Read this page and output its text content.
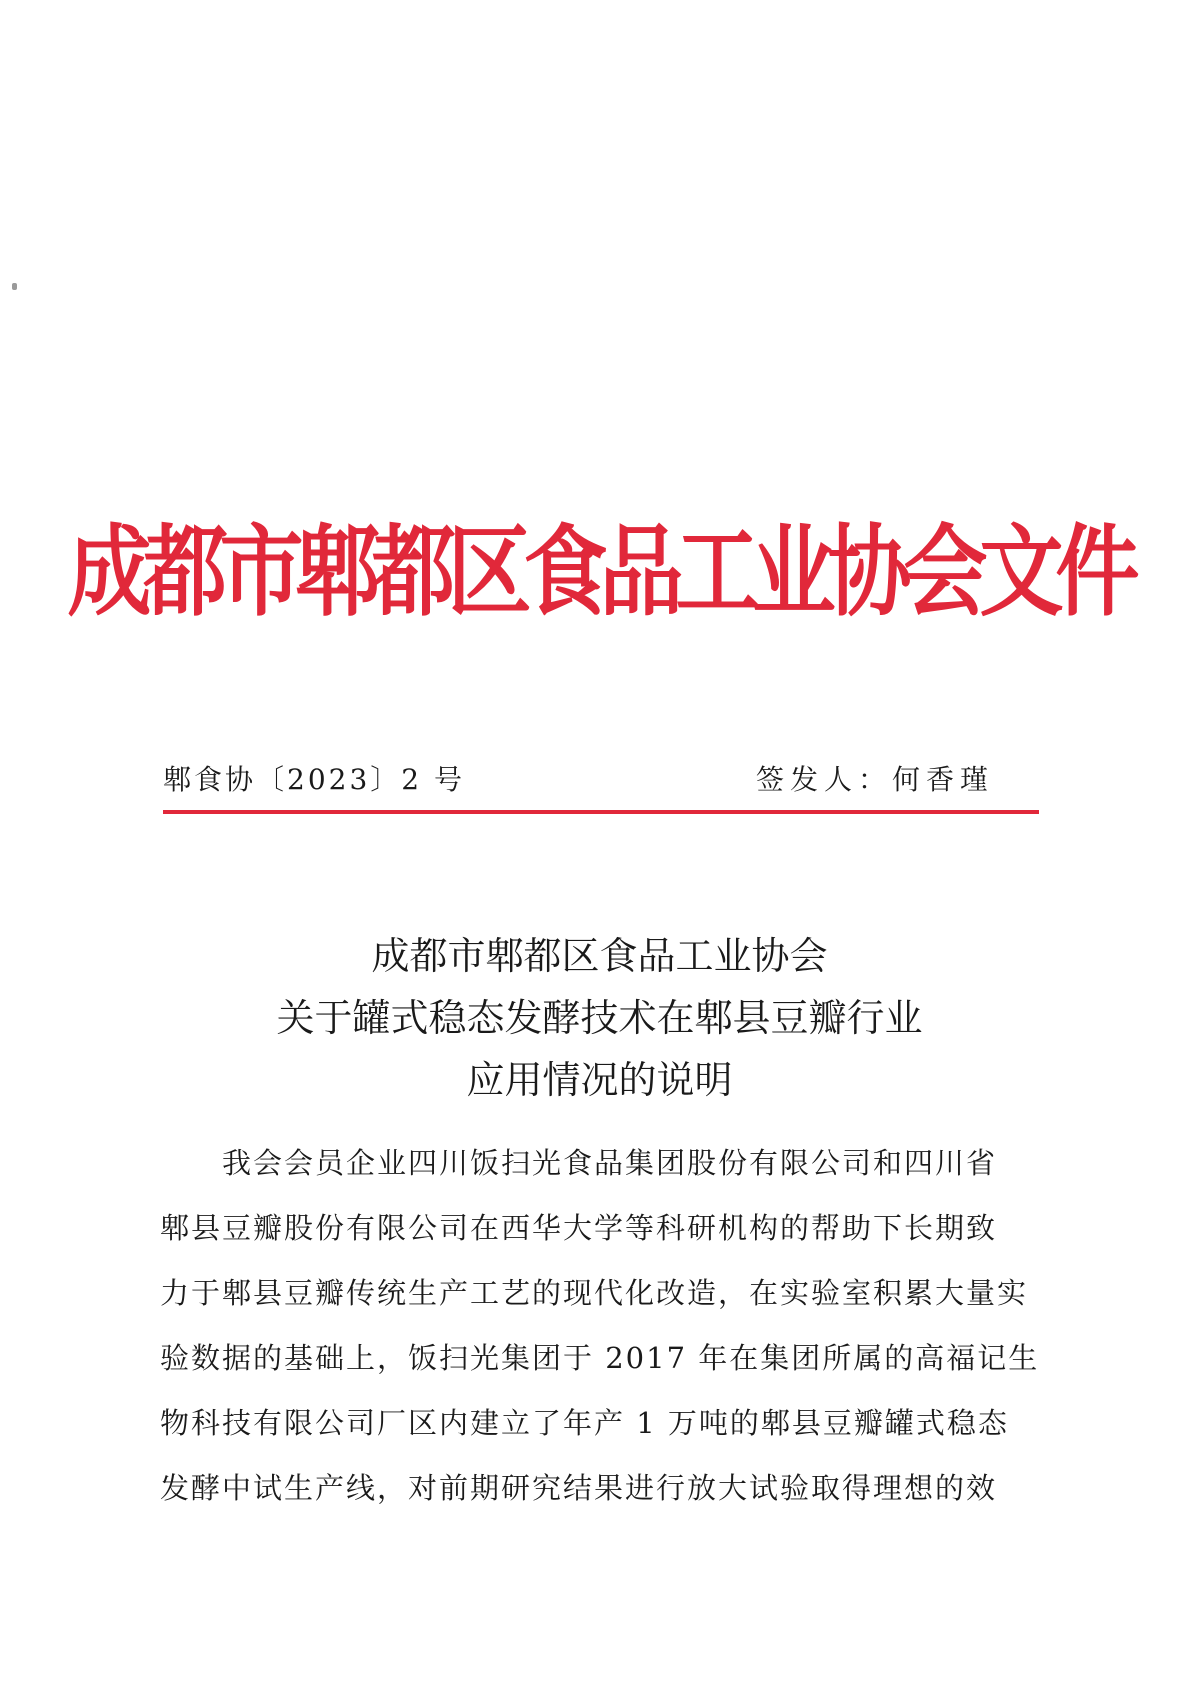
成都市郫都区食品工业协会文件
郫食协〔2023〕2 号	签发人：何香瑾
成都市郫都区食品工业协会
关于罐式稳态发酵技术在郫县豆瓣行业
应用情况的说明
　　我会会员企业四川饭扫光食品集团股份有限公司和四川省
郫县豆瓣股份有限公司在西华大学等科研机构的帮助下长期致
力于郫县豆瓣传统生产工艺的现代化改造，在实验室积累大量实
验数据的基础上，饭扫光集团于 2017 年在集团所属的高福记生
物科技有限公司厂区内建立了年产 1 万吨的郫县豆瓣罐式稳态
发酵中试生产线，对前期研究结果进行放大试验取得理想的效
